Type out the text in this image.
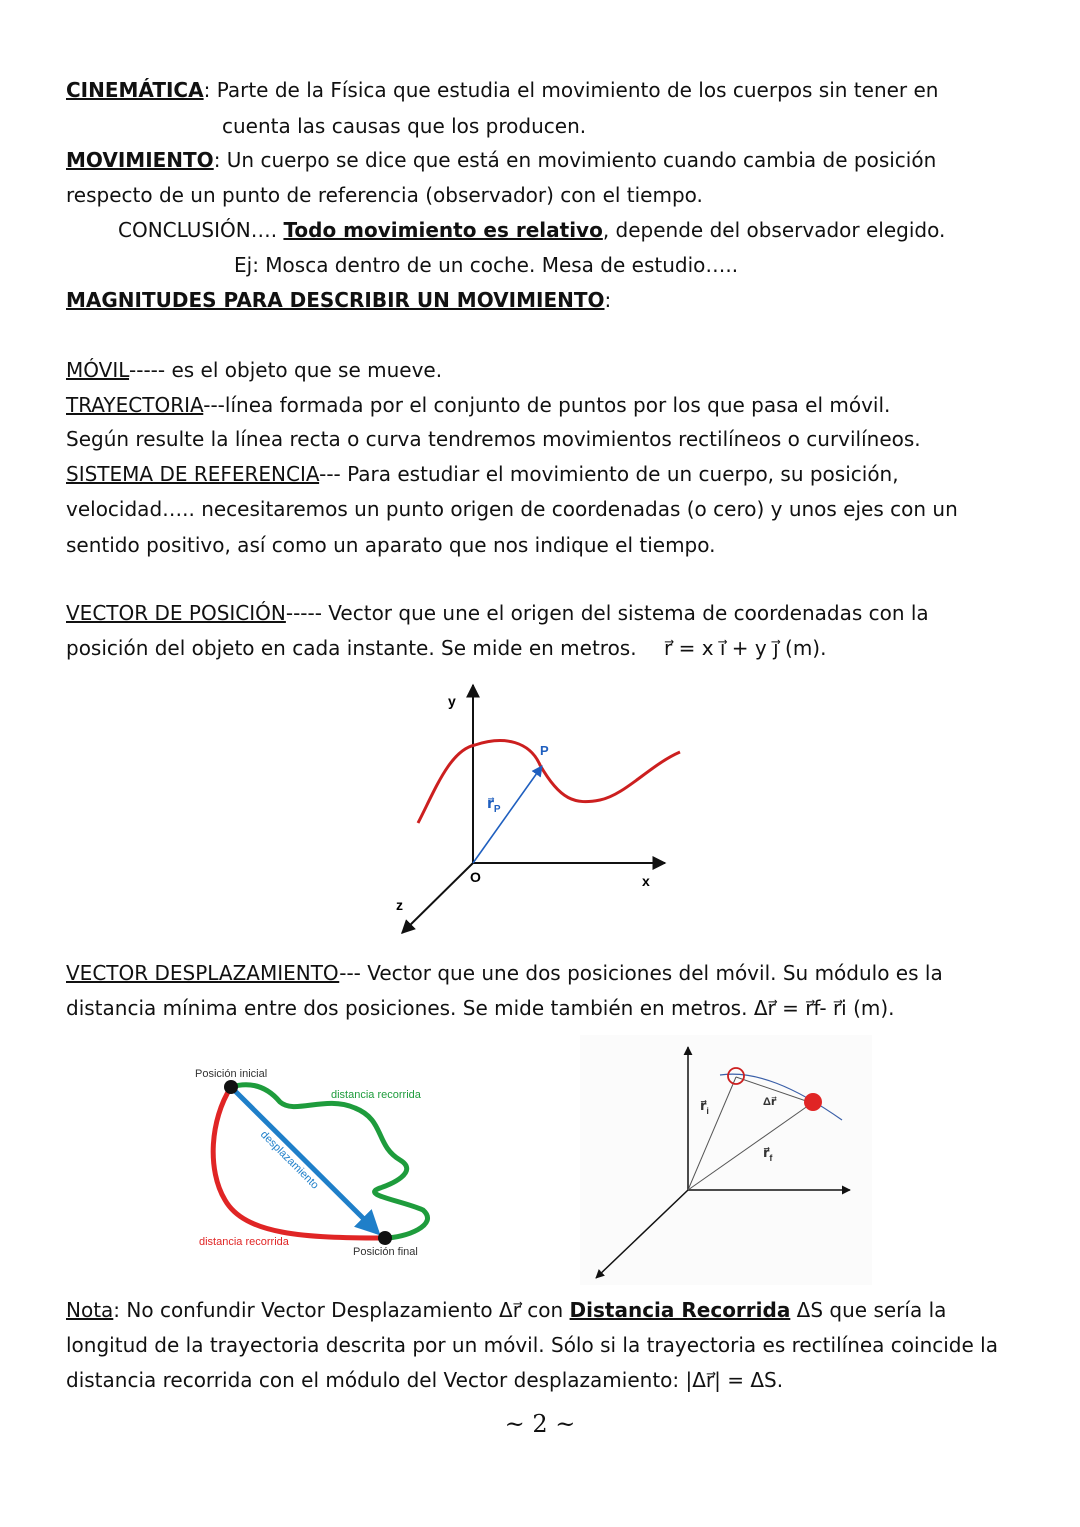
CINEMÁTICA: Parte de la Física que estudia el movimiento de los cuerpos sin tener en
cuenta las causas que los producen.
MOVIMIENTO: Un cuerpo se dice que está en movimiento cuando cambia de posición
respecto de un punto de referencia (observador) con el tiempo.
CONCLUSIÓN…. Todo movimiento es relativo, depende del observador elegido.
Ej: Mosca dentro de un coche. Mesa de estudio…..
MAGNITUDES PARA DESCRIBIR UN MOVIMIENTO:
MÓVIL----- es el objeto que se mueve.
TRAYECTORIA---línea formada por el conjunto de puntos por los que pasa el móvil.
Según resulte la línea recta o curva tendremos movimientos rectilíneos o curvilíneos.
SISTEMA DE REFERENCIA--- Para estudiar el movimiento de un cuerpo, su posición,
velocidad….. necesitaremos un punto origen de coordenadas (o cero) y unos ejes con un
sentido positivo, así como un aparato que nos indique el tiempo.
VECTOR DE POSICIÓN----- Vector que une el origen del sistema de coordenadas con la
posición del objeto en cada instante. Se mide en metros. r⃗ = x i⃗ + y j⃗ (m).
y
x
z
O
P
$r⃗_P$
VECTOR DESPLAZAMIENTO--- Vector que une dos posiciones del móvil. Su módulo es la
distancia mínima entre dos posiciones. Se mide también en metros. Δr⃗ = r⃗f- r⃗i (m).
Posición inicial
Posición final
distancia recorrida
distancia recorrida
desplazamiento
$r⃗_i$
$r⃗_f$
Δr⃗
Nota: No confundir Vector Desplazamiento Δr⃗ con Distancia Recorrida ΔS que sería la
longitud de la trayectoria descrita por un móvil. Sólo si la trayectoria es rectilínea coincide la
distancia recorrida con el módulo del Vector desplazamiento: |Δr⃗| = ΔS.
~ 2 ~
